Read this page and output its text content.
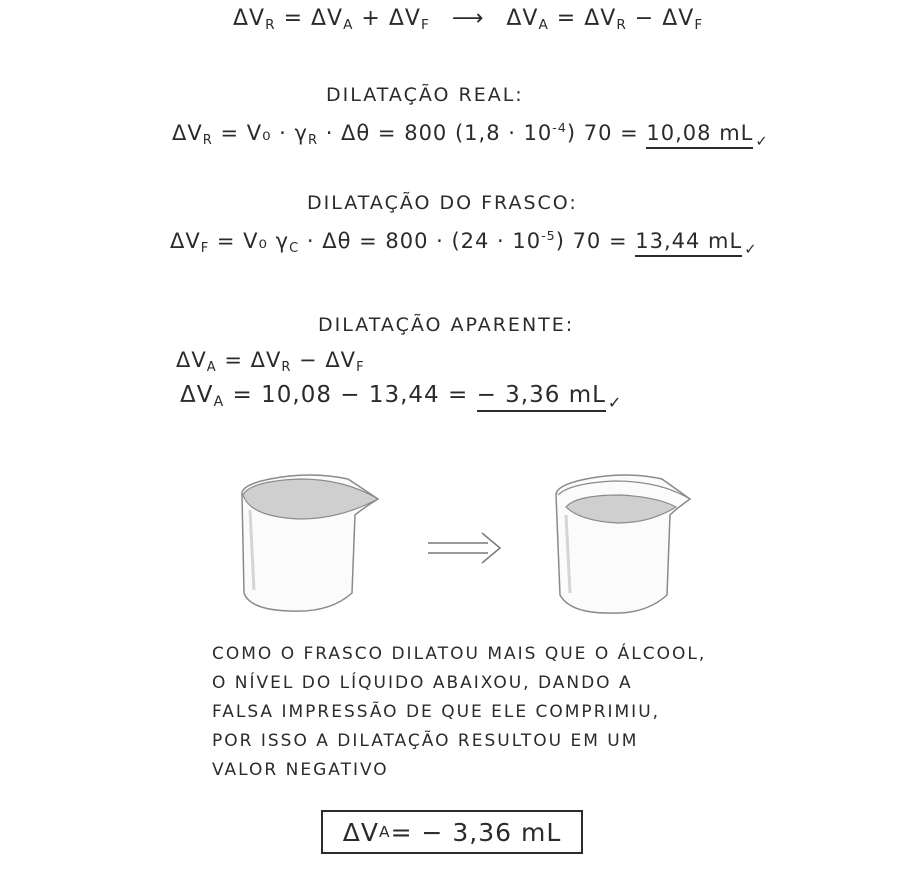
$\Delta V_R = \Delta V_A + \Delta V_F$ ⟶ $\Delta V_A = \Delta V_R - \Delta V_F$
DILATAÇÃO REAL:
$\Delta V_R = V_0 \cdot \gamma_R \cdot \Delta\theta = 800$ $(1,8 \cdot 10^{-4})$ 70 = 10,08 mL ✓
DILATAÇÃO DO FRASCO:
$\Delta V_F = V_0$ $\gamma_C \cdot \Delta\theta = 800 \cdot (24 \cdot 10^{-5}) 70 = 13,44$ mL ✓
DILATAÇÃO APARENTE:
$\Delta V_A = \Delta V_R - \Delta V_F$
$\Delta V_A = 10,08 - 13,44$ = − 3,36 mL ✓
COMO O FRASCO DILATOU MAIS QUE O ÁLCOOL,
O NÍVEL DO LÍQUIDO ABAIXOU, DANDO A
FALSA IMPRESSÃO DE QUE ELE COMPRIMIU,
POR ISSO A DILATAÇÃO RESULTOU EM UM
VALOR NEGATIVO
ΔV A = − 3,36 mL
